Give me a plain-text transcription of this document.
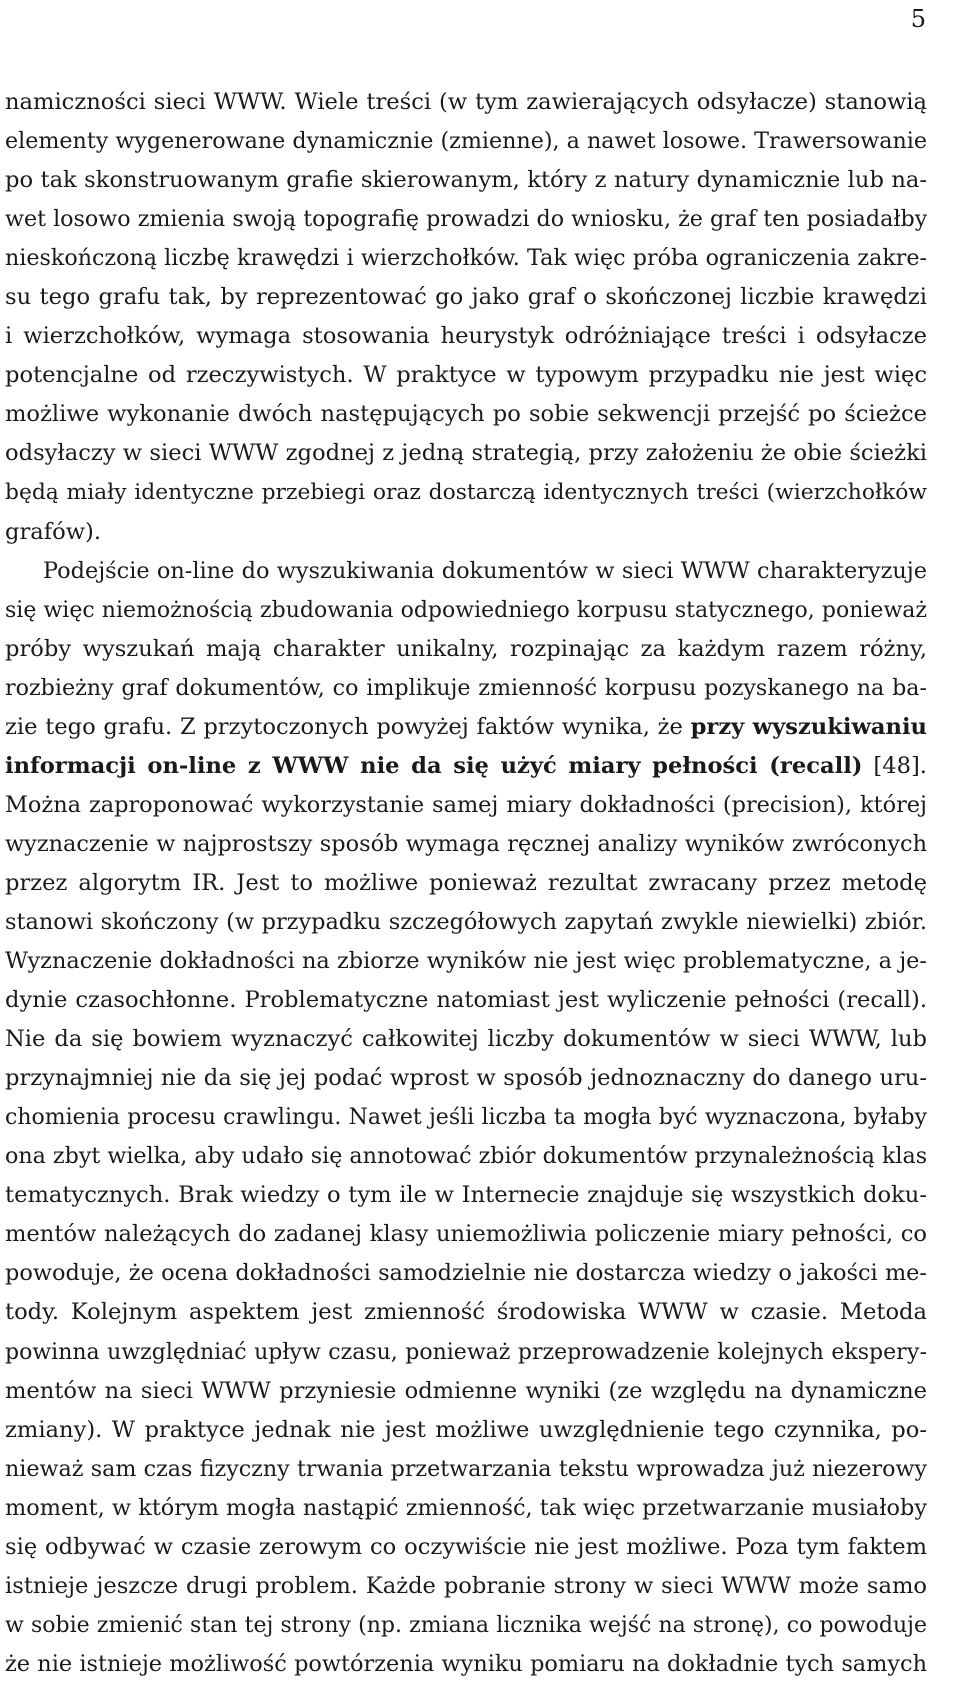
5
namiczności sieci WWW. Wiele treści (w tym zawierających odsyłacze) stanowią
elementy wygenerowane dynamicznie (zmienne), a nawet losowe. Trawersowanie
po tak skonstruowanym grafie skierowanym, który z natury dynamicznie lub na-
wet losowo zmienia swoją topografię prowadzi do wniosku, że graf ten posiadałby
nieskończoną liczbę krawędzi i wierzchołków. Tak więc próba ograniczenia zakre-
su tego grafu tak, by reprezentować go jako graf o skończonej liczbie krawędzi
i wierzchołków, wymaga stosowania heurystyk odróżniające treści i odsyłacze
potencjalne od rzeczywistych. W praktyce w typowym przypadku nie jest więc
możliwe wykonanie dwóch następujących po sobie sekwencji przejść po ścieżce
odsyłaczy w sieci WWW zgodnej z jedną strategią, przy założeniu że obie ścieżki
będą miały identyczne przebiegi oraz dostarczą identycznych treści (wierzchołków
grafów).
Podejście on-line do wyszukiwania dokumentów w sieci WWW charakteryzuje
się więc niemożnością zbudowania odpowiedniego korpusu statycznego, ponieważ
próby wyszukań mają charakter unikalny, rozpinając za każdym razem różny,
rozbieżny graf dokumentów, co implikuje zmienność korpusu pozyskanego na ba-
zie tego grafu. Z przytoczonych powyżej faktów wynika, że przy wyszukiwaniu
informacji on-line z WWW nie da się użyć miary pełności (recall) [48].
Można zaproponować wykorzystanie samej miary dokładności (precision), której
wyznaczenie w najprostszy sposób wymaga ręcznej analizy wyników zwróconych
przez algorytm IR. Jest to możliwe ponieważ rezultat zwracany przez metodę
stanowi skończony (w przypadku szczegółowych zapytań zwykle niewielki) zbiór.
Wyznaczenie dokładności na zbiorze wyników nie jest więc problematyczne, a je-
dynie czasochłonne. Problematyczne natomiast jest wyliczenie pełności (recall).
Nie da się bowiem wyznaczyć całkowitej liczby dokumentów w sieci WWW, lub
przynajmniej nie da się jej podać wprost w sposób jednoznaczny do danego uru-
chomienia procesu crawlingu. Nawet jeśli liczba ta mogła być wyznaczona, byłaby
ona zbyt wielka, aby udało się annotować zbiór dokumentów przynależnością klas
tematycznych. Brak wiedzy o tym ile w Internecie znajduje się wszystkich doku-
mentów należących do zadanej klasy uniemożliwia policzenie miary pełności, co
powoduje, że ocena dokładności samodzielnie nie dostarcza wiedzy o jakości me-
tody. Kolejnym aspektem jest zmienność środowiska WWW w czasie. Metoda
powinna uwzględniać upływ czasu, ponieważ przeprowadzenie kolejnych eksperу-
mentów na sieci WWW przyniesie odmienne wyniki (ze względu na dynamiczne
zmiany). W praktyce jednak nie jest możliwe uwzględnienie tego czynnika, po-
nieważ sam czas fizyczny trwania przetwarzania tekstu wprowadza już niezerowy
moment, w którym mogła nastąpić zmienność, tak więc przetwarzanie musiałoby
się odbywać w czasie zerowym co oczywiście nie jest możliwe. Poza tym faktem
istnieje jeszcze drugi problem. Każde pobranie strony w sieci WWW może samo
w sobie zmienić stan tej strony (np. zmiana licznika wejść na stronę), co powoduje
że nie istnieje możliwość powtórzenia wyniku pomiaru na dokładnie tych samych
